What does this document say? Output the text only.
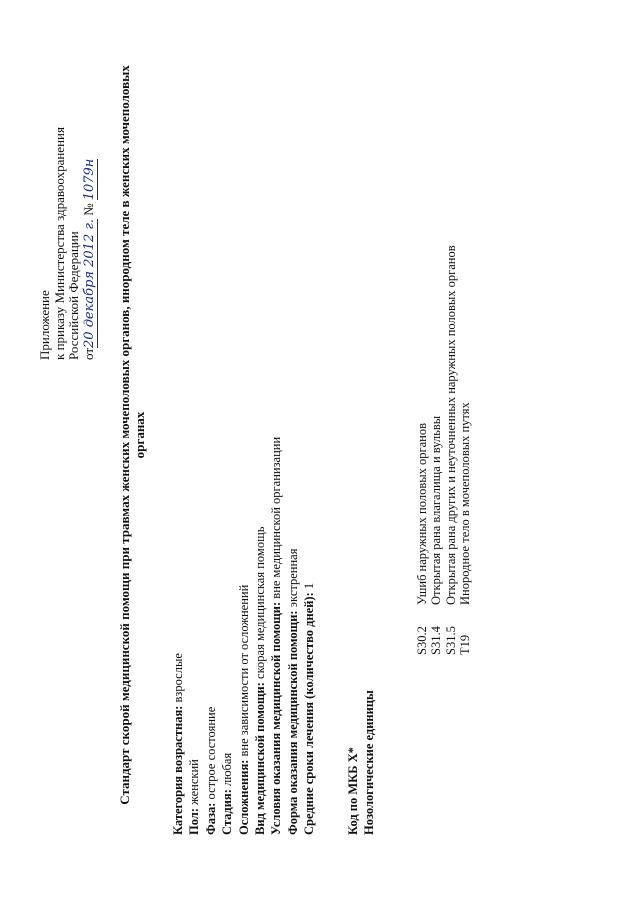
Приложение к приказу Министерства здравоохранения Российской Федерации от20 декабря 2012 г. №1079н Стандарт скорой медицинской помощи при травмах женских мочеполовых органов, инородном теле в женских мочеполовых органах
Категория возрастная: взрослые
Пол: женский
Фаза: острое состояние
Стадия: любая Осложнения: вне зависимости от осложнений Вид медицинской помощи: скорая медицинская помощь Условия оказания медицинской помощи: вне медицинской организации
Форма оказания медицинской помощи: экстренная
Средние сроки лечения (количество дней): 1
Код по МКБ X* Нозологические единицы
S30.2Ушиб наружных половых органов
S31.4Открытая рана влагалища и вульвы
S31.5Открытая рана других и неуточненных наружных половых органов
T19Инородное тело в мочеполовых путях
